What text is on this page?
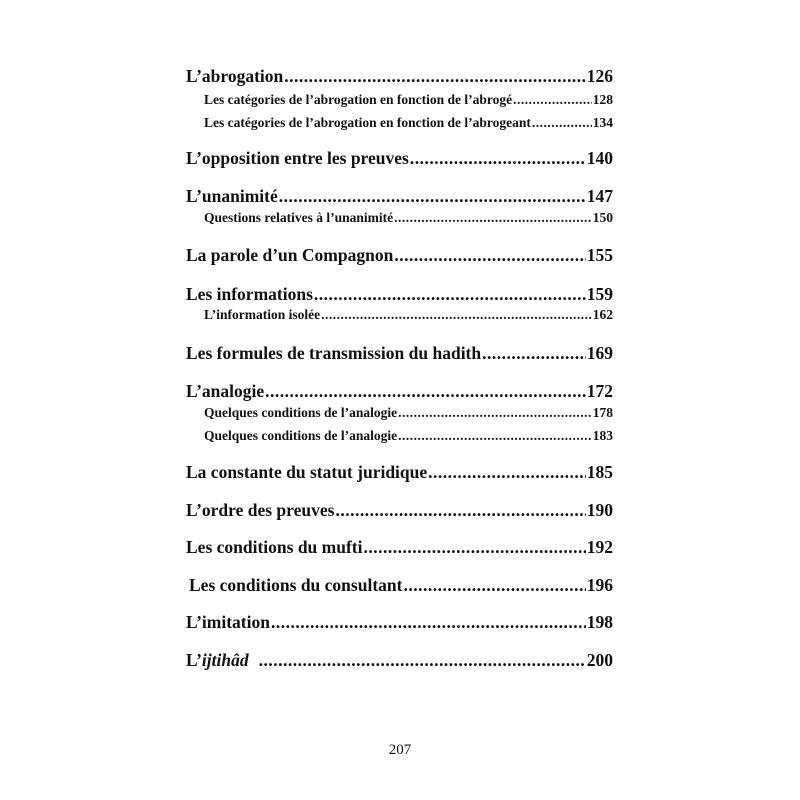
L’abrogation .....	126
Les catégories de l’abrogation en fonction de l’abrogé .....	128
Les catégories de l’abrogation en fonction de l’abrogeant .....	134
L’opposition entre les preuves .....	140
L’unanimité .....	147
Questions relatives à l’unanimité .....	150
La parole d’un Compagnon .....	155
Les informations .....	159
L’information isolée .....	162
Les formules de transmission du hadith .....	169
L’analogie .....	172
Quelques conditions de l’analogie .....	178
Quelques conditions de l’analogie .....	183
La constante du statut juridique .....	185
L’ordre des preuves .....	190
Les conditions du mufti .....	192
Les conditions du consultant .....	196
L’imitation .....	198
L’ijtihâd .....	200
207
